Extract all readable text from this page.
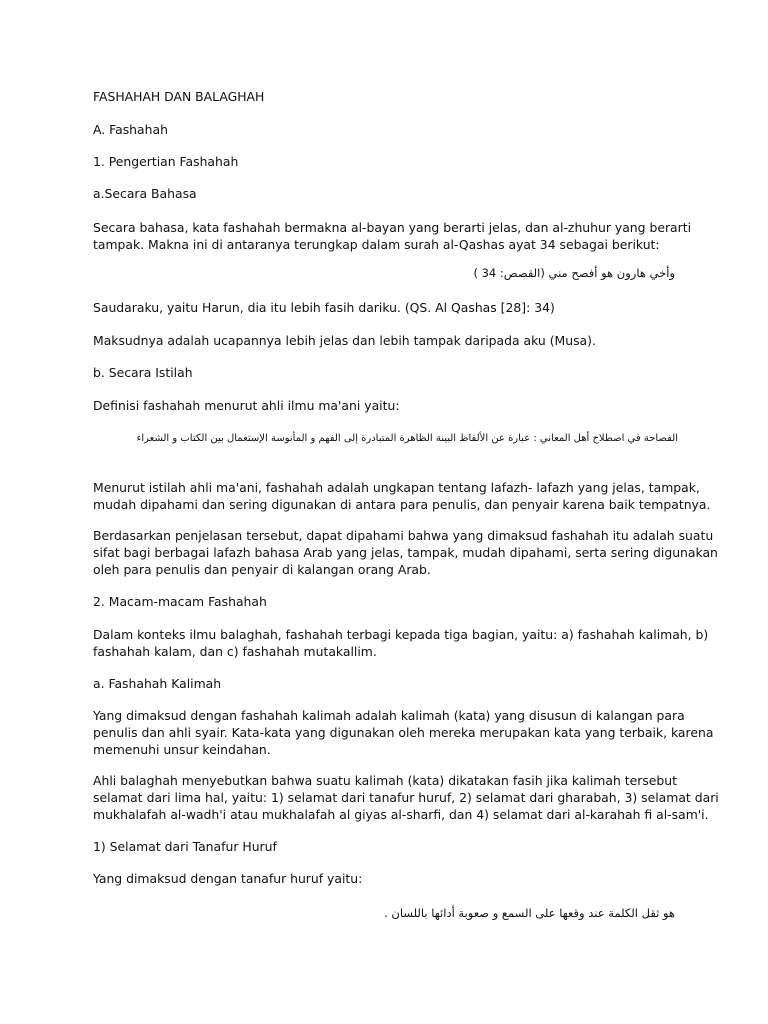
FASHAHAH DAN BALAGHAH

A. Fashahah

1. Pengertian Fashahah

a.Secara Bahasa

Secara bahasa, kata fashahah bermakna al-bayan yang berarti jelas, dan al-zhuhur yang berarti
tampak. Makna ini di antaranya terungkap dalam surah al-Qashas ayat 34 sebagai berikut:
وأخي هارون هو أفصح مني (القصص: 34 )

Saudaraku, yaitu Harun, dia itu lebih fasih dariku. (QS. Al Qashas [28]: 34)

Maksudnya adalah ucapannya lebih jelas dan lebih tampak daripada aku (Musa).

b. Secara Istilah

Definisi fashahah menurut ahli ilmu ma'ani yaitu:

الفصاحة في اصطلاح أهل المعاني : عبارة عن الألفاظ البينة الظاهرة المتبادرة إلى الفهم و المأنوسة الإستعمال بين الكتاب و الشعراء
Menurut istilah ahli ma'ani, fashahah adalah ungkapan tentang lafazh- lafazh yang jelas, tampak,
mudah dipahami dan sering digunakan di antara para penulis, dan penyair karena baik tempatnya.
Berdasarkan penjelasan tersebut, dapat dipahami bahwa yang dimaksud fashahah itu adalah suatu
sifat bagi berbagai lafazh bahasa Arab yang jelas, tampak, mudah dipahami, serta sering digunakan
oleh para penulis dan penyair di kalangan orang Arab.

2. Macam-macam Fashahah

Dalam konteks ilmu balaghah, fashahah terbagi kepada tiga bagian, yaitu: a) fashahah kalimah, b)
fashahah kalam, dan c) fashahah mutakallim.

a. Fashahah Kalimah

Yang dimaksud dengan fashahah kalimah adalah kalimah (kata) yang disusun di kalangan para
penulis dan ahli syair. Kata-kata yang digunakan oleh mereka merupakan kata yang terbaik, karena
memenuhi unsur keindahan.
Ahli balaghah menyebutkan bahwa suatu kalimah (kata) dikatakan fasih jika kalimah tersebut
selamat dari lima hal, yaitu: 1) selamat dari tanafur huruf, 2) selamat dari gharabah, 3) selamat dari
mukhalafah al-wadh'i atau mukhalafah al giyas al-sharfi, dan 4) selamat dari al-karahah fi al-sam'i.

1) Selamat dari Tanafur Huruf

Yang dimaksud dengan tanafur huruf yaitu:

هو ثقل الكلمة عند وقعها على السمع و صعوبة أدائها باللسان .
